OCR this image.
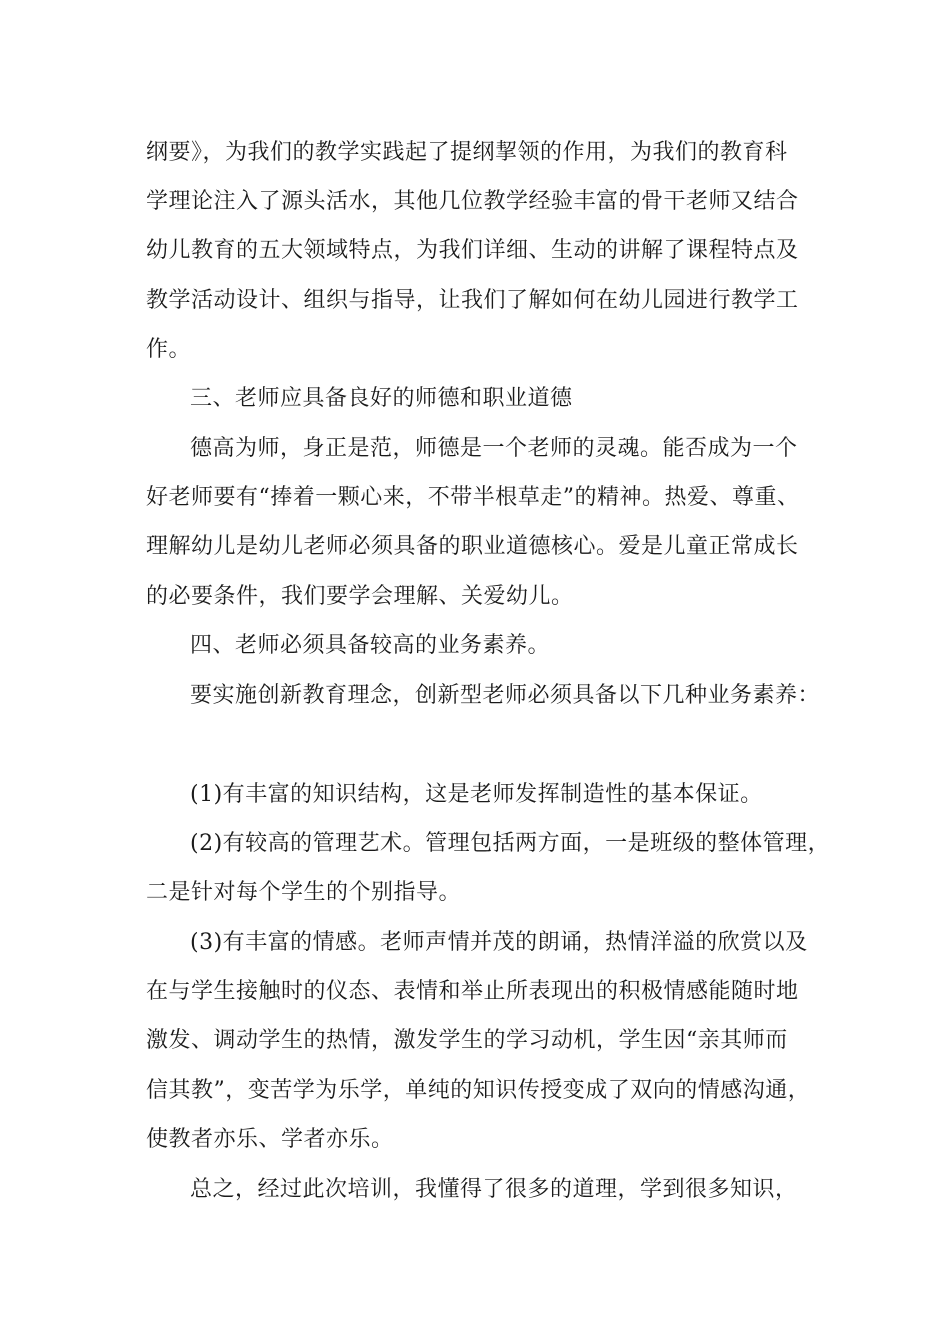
纲要》，为我们的教学实践起了提纲挈领的作用，为我们的教育科
学理论注入了源头活水，其他几位教学经验丰富的骨干老师又结合
幼儿教育的五大领域特点，为我们详细、生动的讲解了课程特点及
教学活动设计、组织与指导，让我们了解如何在幼儿园进行教学工
作。
三、老师应具备良好的师德和职业道德
德高为师，身正是范，师德是一个老师的灵魂。能否成为一个
好老师要有“捧着一颗心来，不带半根草走”的精神。热爱、尊重、
理解幼儿是幼儿老师必须具备的职业道德核心。爱是儿童正常成长
的必要条件，我们要学会理解、关爱幼儿。
四、老师必须具备较高的业务素养。
要实施创新教育理念，创新型老师必须具备以下几种业务素养：
(1)有丰富的知识结构，这是老师发挥制造性的基本保证。
(2)有较高的管理艺术。管理包括两方面，一是班级的整体管理，
二是针对每个学生的个别指导。
(3)有丰富的情感。老师声情并茂的朗诵，热情洋溢的欣赏以及
在与学生接触时的仪态、表情和举止所表现出的积极情感能随时地
激发、调动学生的热情，激发学生的学习动机，学生因“亲其师而
信其教”，变苦学为乐学，单纯的知识传授变成了双向的情感沟通，
使教者亦乐、学者亦乐。
总之，经过此次培训，我懂得了很多的道理，学到很多知识，
